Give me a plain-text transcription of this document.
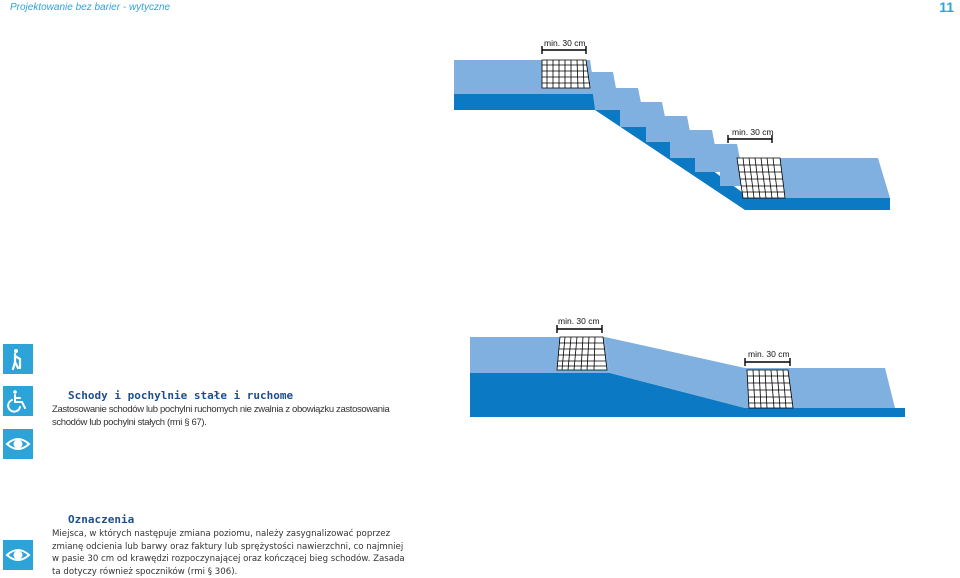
Projektowanie bez barier - wytyczne	11
min. 30 cm
min. 30 cm
min. 30 cm
min. 30 cm
Schody i pochylnie stałe i ruchome

Zastosowanie schodów lub pochylni ruchomych nie zwalnia z obowiązku zastosowania

schodów lub pochylni stałych (rmi § 67).

Oznaczenia

Miejsca, w których następuje zmiana poziomu, należy zasygnalizować poprzez

zmianę odcienia lub barwy oraz faktury lub sprężystości nawierzchni, co najmniej

w pasie 30 cm od krawędzi rozpoczynającej oraz kończącej bieg schodów. Zasada

ta dotyczy również spoczników (rmi § 306).
